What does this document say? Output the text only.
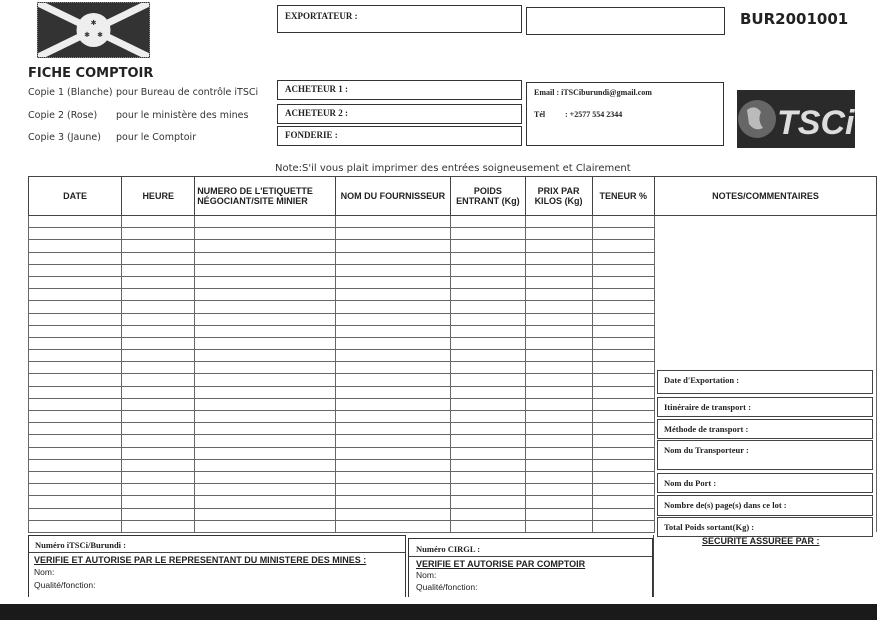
✱
✱ ✱
FICHE COMPTOIR
BUR2001001
Copie 1 (Blanche) pour Bureau de contrôle iTSCi
Copie 2 (Rose) pour le ministère des mines
Copie 3 (Jaune) pour le Comptoir
EXPORTATEUR :
ACHETEUR 1 :
ACHETEUR 2 :
FONDERIE :
Email : iTSCiburundi@gmail.com
Tél : +2577 554 2344	TSCi
Note:S'il vous plait imprimer des entrées soigneusement et Clairement
DATE	HEURE	NUMERO DE L'ETIQUETTE NÉGOCIANT/SITE MINIER	NOM DU FOURNISSEUR	POIDS ENTRANT (Kg)	PRIX PAR KILOS (Kg)	TENEUR %	NOTES/COMMENTAIRES

Date d'Exportation :
Itinéraire de transport :
Méthode de transport :
Nom du Transporteur :
Nom du Port :
Nombre de(s) page(s) dans ce lot :
Total Poids sortant(Kg) :
Numéro iTSCi/Burundi :
VERIFIE ET AUTORISE PAR LE REPRESENTANT DU MINISTERE DES MINES :
Nom:
Qualité/fonction:
Numéro CIRGL :
VERIFIE ET AUTORISE PAR COMPTOIR
Nom:
Qualité/fonction:
SECURITE ASSUREE PAR :
